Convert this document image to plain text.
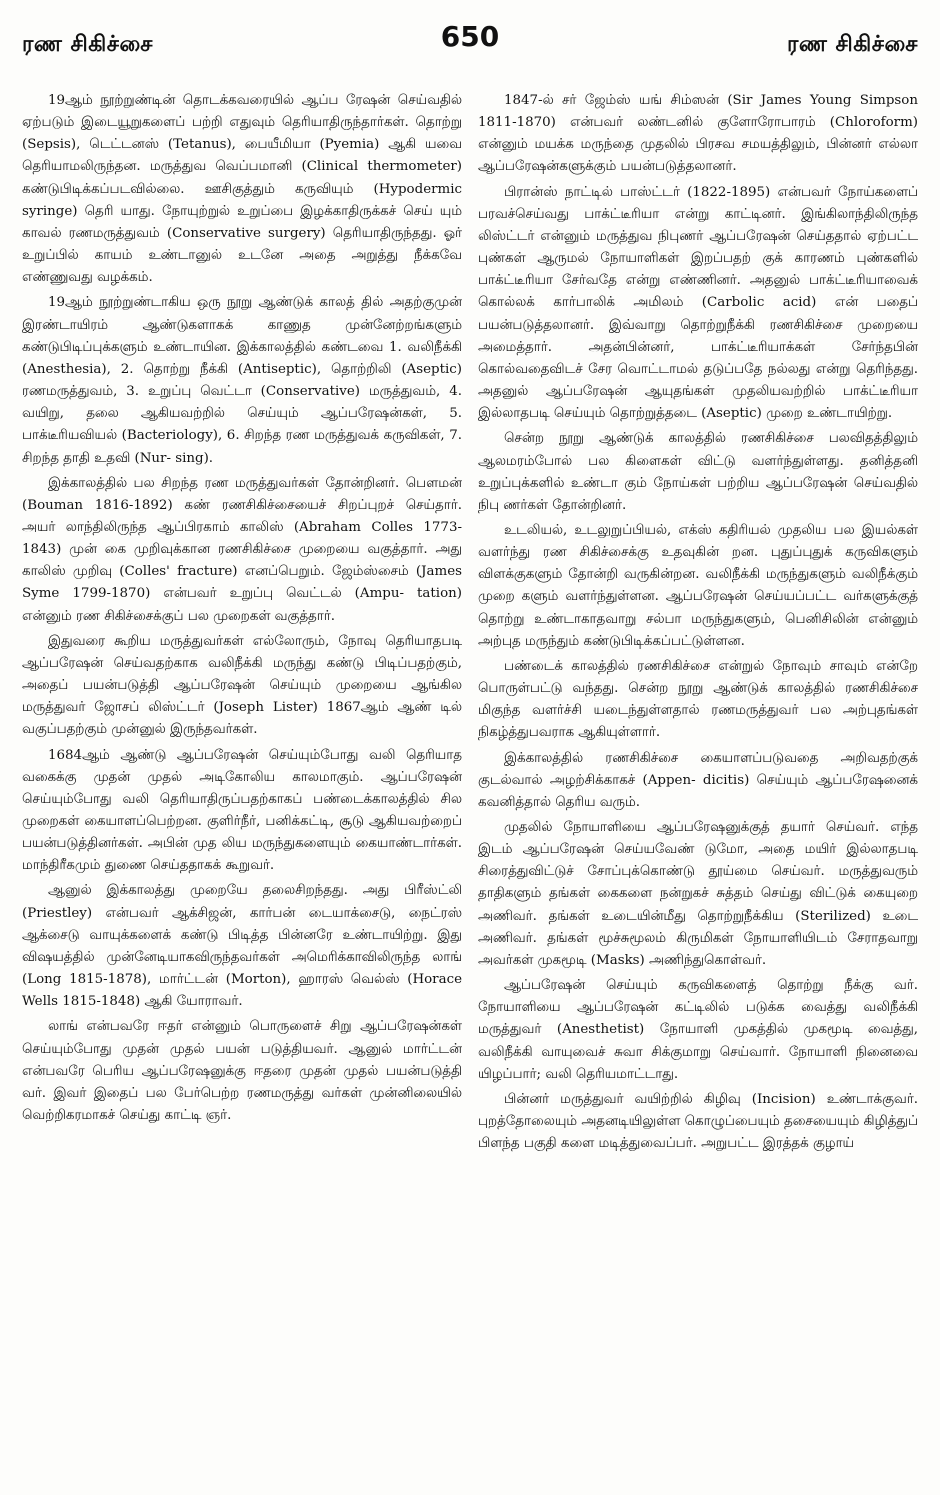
ரண சிகிச்சை	650	ரண சிகிச்சை

19ஆம் நூற்றுண்டின் தொடக்கவரையில் ஆப்ப ரேஷன் செய்வதில் ஏற்படும் இடையூறுகளைப் பற்றி எதுவும் தெரியாதிருந்தார்கள். தொற்று (Sepsis), டெட்டனஸ் (Tetanus), பையீமியா (Pyemia) ஆகி யவை தெரியாமலிருந்தன. மருத்துவ வெப்பமானி (Clinical thermometer) கண்டுபிடிக்கப்படவில்லை. ஊசிகுத்தும் கருவியும் (Hypodermic syringe) தெரி யாது. நோயுற்றுல் உறுப்பை இழக்காதிருக்கச் செய் யும் காவல் ரணமருத்துவம் (Conservative surgery) தெரியாதிருந்தது. ஓர் உறுப்பில் காயம் உண்டானுல் உடனே அதை அறுத்து நீக்கவே எண்ணுவது வழக்கம்.

19ஆம் நூற்றுண்டாகிய ஒரு நூறு ஆண்டுக் காலத் தில் அதற்குமுன் இரண்டாயிரம் ஆண்டுகளாகக் காணுத முன்னேற்றங்களும் கண்டுபிடிப்புக்களும் உண்டாயின. இக்காலத்தில் கண்டவை 1. வலிநீக்கி (Anesthesia), 2. தொற்று நீக்கி (Antiseptic), தொற்றிலி (Aseptic) ரணமருத்துவம், 3. உறுப்பு வெட்டா (Conservative) மருத்துவம், 4. வயிறு, தலை ஆகியவற்றில் செய்யும் ஆப்பரேஷன்கள், 5. பாக்டீரியவியல் (Bacteriology), 6. சிறந்த ரண மருத்துவக் கருவிகள், 7. சிறந்த தாதி உதவி (Nur- sing).

இக்காலத்தில் பல சிறந்த ரண மருத்துவர்கள் தோன்றினர். பௌமன் (Bouman 1816-1892) கண் ரணசிகிச்சையைச் சிறப்புறச் செய்தார். அயர் லாந்திலிருந்த ஆப்பிரகாம் காலிஸ் (Abraham Colles 1773-1843) முன் கை முறிவுக்கான ரணசிகிச்சை முறையை வகுத்தார். அது காலிஸ் முறிவு (Colles' fracture) எனப்பெறும். ஜேம்ஸ்சைம் (James Syme 1799-1870) என்பவர் உறுப்பு வெட்டல் (Ampu- tation) என்னும் ரண சிகிச்சைக்குப் பல முறைகள் வகுத்தார்.

இதுவரை கூறிய மருத்துவர்கள் எல்லோரும், நோவு தெரியாதபடி ஆப்பரேஷன் செய்வதற்காக வலிநீக்கி மருந்து கண்டு பிடிப்பதற்கும், அதைப் பயன்படுத்தி ஆப்பரேஷன் செய்யும் முறையை ஆங்கில மருத்துவர் ஜோசப் லிஸ்ட்டர் (Joseph Lister) 1867ஆம் ஆண் டில் வகுப்பதற்கும் முன்னுல் இருந்தவர்கள்.

1684ஆம் ஆண்டு ஆப்பரேஷன் செய்யும்போது வலி தெரியாத வகைக்கு முதன் முதல் அடிகோலிய காலமாகும். ஆப்பரேஷன் செய்யும்போது வலி தெரியாதிருப்பதற்காகப் பண்டைக்காலத்தில் சில முறைகள் கையாளப்பெற்றன. குளிர்நீர், பனிக்கட்டி, சூடு ஆகியவற்றைப் பயன்படுத்தினர்கள். அபின் முத லிய மருந்துகளையும் கையாண்டார்கள். மாந்திரீகமும் துணை செய்ததாகக் கூறுவர்.

ஆனுல் இக்காலத்து முறையே தலைசிறந்தது. அது பிரீஸ்ட்லி (Priestley) என்பவர் ஆக்சிஜன், கார்பன் டையாக்சைடு, நைட்ரஸ் ஆக்சைடு வாயுக்களைக் கண்டு பிடித்த பின்னரே உண்டாயிற்று. இது விஷயத்தில் முன்னேடியாகவிருந்தவர்கள் அமெரிக்காவிலிருந்த லாங் (Long 1815-1878), மார்ட்டன் (Morton), ஹாரஸ் வெல்ஸ் (Horace Wells 1815-1848) ஆகி யோராவர்.

லாங் என்பவரே ஈதர் என்னும் பொருளைச் சிறு ஆப்பரேஷன்கள் செய்யும்போது முதன் முதல் பயன் படுத்தியவர். ஆனுல் மார்ட்டன் என்பவரே பெரிய ஆப்பரேஷனுக்கு ஈதரை முதன் முதல் பயன்படுத்தி வர். இவர் இதைப் பல பேர்பெற்ற ரணமருத்து வர்கள் முன்னிலையில் வெற்றிகரமாகச் செய்து காட்டி ஞர்.

1847-ல் சர் ஜேம்ஸ் யங் சிம்ஸன் (Sir James Young Simpson 1811-1870) என்பவர் லண்டனில் குளோரோபாரம் (Chloroform) என்னும் மயக்க மருந்தை முதலில் பிரசவ சமயத்திலும், பின்னர் எல்லா ஆப்பரேஷன்களுக்கும் பயன்படுத்தலானர்.

பிரான்ஸ் நாட்டில் பாஸ்ட்டர் (1822-1895) என்பவர் நோய்களைப் பரவச்செய்வது பாக்ட்டீரியா என்று காட்டினர். இங்கிலாந்திலிருந்த லிஸ்ட்டர் என்னும் மருத்துவ நிபுணர் ஆப்பரேஷன் செய்ததால் ஏற்பட்ட புண்கள் ஆருமல் நோயாளிகள் இறப்பதற் குக் காரணம் புண்களில் பாக்ட்டீரியா சேர்வதே என்று எண்ணினர். அதனுல் பாக்ட்டீரியாவைக் கொல்லக் கார்பாலிக் அமிலம் (Carbolic acid) என் பதைப் பயன்படுத்தலானர். இவ்வாறு தொற்றுநீக்கி ரணசிகிச்சை முறையை அமைத்தார். அதன்பின்னர், பாக்ட்டீரியாக்கள் சேர்ந்தபின் கொல்வதைவிடச் சேர வொட்டாமல் தடுப்பதே நல்லது என்று தெரிந்தது. அதனுல் ஆப்பரேஷன் ஆயுதங்கள் முதலியவற்றில் பாக்ட்டீரியா இல்லாதபடி செய்யும் தொற்றுத்தடை (Aseptic) முறை உண்டாயிற்று.

சென்ற நூறு ஆண்டுக் காலத்தில் ரணசிகிச்சை பலவிதத்திலும் ஆலமரம்போல் பல கிளைகள் விட்டு வளர்ந்துள்ளது. தனித்தனி உறுப்புக்களில் உண்டா கும் நோய்கள் பற்றிய ஆப்பரேஷன் செய்வதில் நிபு ணர்கள் தோன்றினர்.

உடலியல், உடலுறுப்பியல், எக்ஸ் கதிரியல் முதலிய பல இயல்கள் வளர்ந்து ரண சிகிச்சைக்கு உதவுகின் றன. புதுப்புதுக் கருவிகளும் விளக்குகளும் தோன்றி வருகின்றன. வலிநீக்கி மருந்துகளும் வலிநீக்கும் முறை களும் வளர்ந்துள்ளன. ஆப்பரேஷன் செய்யப்பட்ட வர்களுக்குத் தொற்று உண்டாகாதவாறு சல்பா மருந்துகளும், பெனிசிலின் என்னும் அற்புத மருந்தும் கண்டுபிடிக்கப்பட்டுள்ளன.

பண்டைக் காலத்தில் ரணசிகிச்சை என்றுல் நோவும் சாவும் என்றே பொருள்பட்டு வந்தது. சென்ற நூறு ஆண்டுக் காலத்தில் ரணசிகிச்சை மிகுந்த வளர்ச்சி யடைந்துள்ளதால் ரணமருத்துவர் பல அற்புதங்கள் நிகழ்த்துபவராக ஆகியுள்ளார்.

இக்காலத்தில் ரணசிகிச்சை கையாளப்படுவதை அறிவதற்குக் குடல்வால் அழற்சிக்காகச் (Appen- dicitis) செய்யும் ஆப்பரேஷனைக் கவனித்தால் தெரிய வரும்.

முதலில் நோயாளியை ஆப்பரேஷனுக்குத் தயார் செய்வர். எந்த இடம் ஆப்பரேஷன் செய்யவேண் டுமோ, அதை மயிர் இல்லாதபடி சிரைத்துவிட்டுச் சோப்புக்கொண்டு தூய்மை செய்வர். மருத்துவரும் தாதிகளும் தங்கள் கைகளை நன்றுகச் சுத்தம் செய்து விட்டுக் கையுறை அணிவர். தங்கள் உடையின்மீது தொற்றுநீக்கிய (Sterilized) உடை அணிவர். தங்கள் மூச்சுமூலம் கிருமிகள் நோயாளியிடம் சேராதவாறு அவர்கள் முகமூடி (Masks) அணிந்துகொள்வர்.

ஆப்பரேஷன் செய்யும் கருவிகளைத் தொற்று நீக்கு வர். நோயாளியை ஆப்பரேஷன் கட்டிலில் படுக்க வைத்து வலிநீக்கி மருத்துவர் (Anesthetist) நோயாளி முகத்தில் முகமூடி வைத்து, வலிநீக்கி வாயுவைச் சுவா சிக்குமாறு செய்வார். நோயாளி நினைவை யிழப்பார்; வலி தெரியமாட்டாது.

பின்னர் மருத்துவர் வயிற்றில் கிழிவு (Incision) உண்டாக்குவர். புறத்தோலையும் அதனடியிலுள்ள கொழுப்பையும் தசையையும் கிழித்துப் பிளந்த பகுதி களை மடித்துவைப்பர். அறுபட்ட இரத்தக் குழாய்
